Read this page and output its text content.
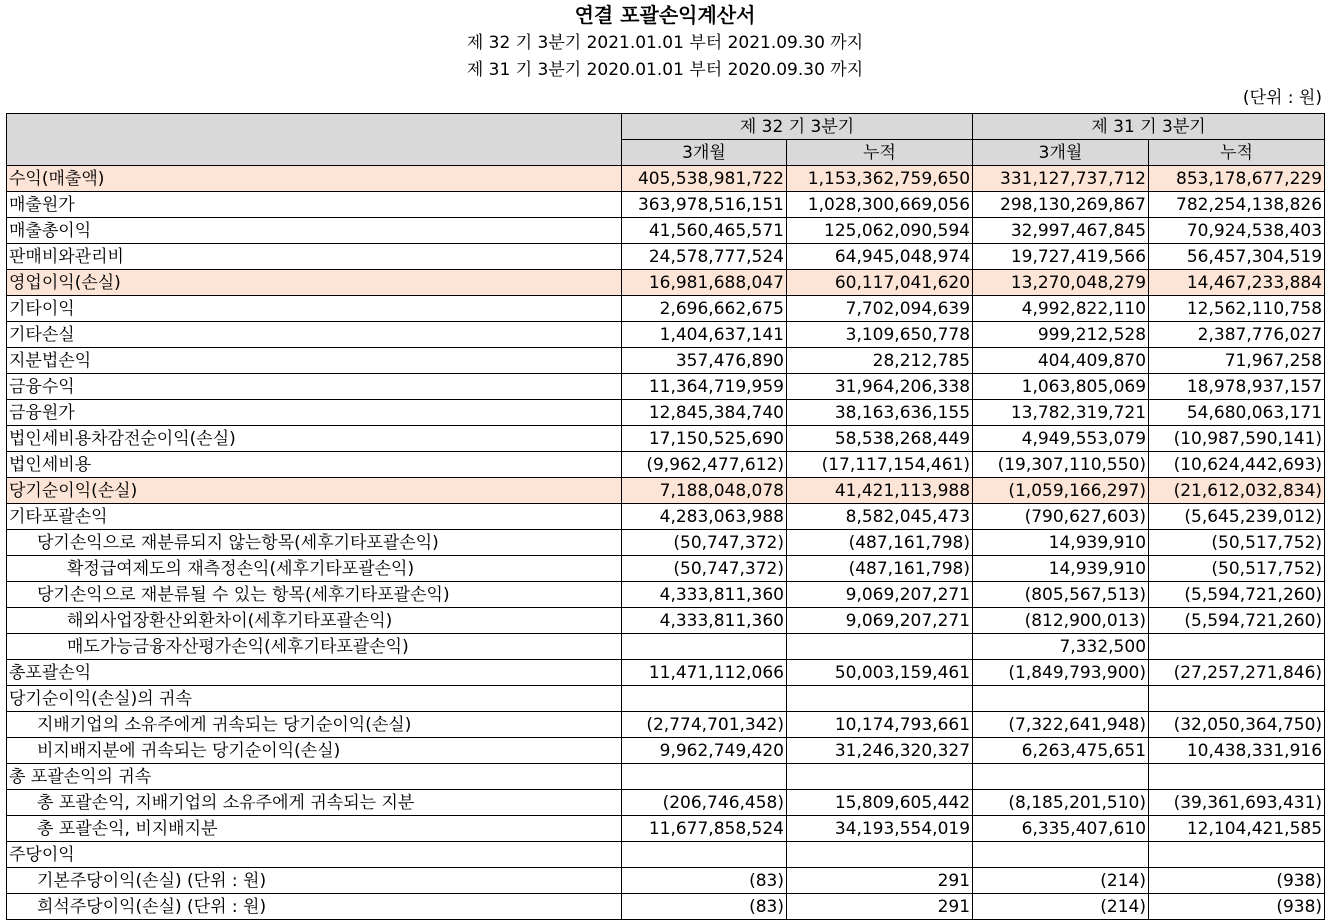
연결 포괄손익계산서
제 32 기 3분기 2021.01.01 부터 2021.09.30 까지
제 31 기 3분기 2020.01.01 부터 2020.09.30 까지
(단위 : 원)
	제 32 기 3분기		제 31 기 3분기	
	3개월	누적	3개월	누적
수익(매출액)	405,538,981,722	1,153,362,759,650	331,127,737,712	853,178,677,229
매출원가	363,978,516,151	1,028,300,669,056	298,130,269,867	782,254,138,826
매출총이익	41,560,465,571	125,062,090,594	32,997,467,845	70,924,538,403
판매비와관리비	24,578,777,524	64,945,048,974	19,727,419,566	56,457,304,519
영업이익(손실)	16,981,688,047	60,117,041,620	13,270,048,279	14,467,233,884
기타이익	2,696,662,675	7,702,094,639	4,992,822,110	12,562,110,758
기타손실	1,404,637,141	3,109,650,778	999,212,528	2,387,776,027
지분법손익	357,476,890	28,212,785	404,409,870	71,967,258
금융수익	11,364,719,959	31,964,206,338	1,063,805,069	18,978,937,157
금융원가	12,845,384,740	38,163,636,155	13,782,319,721	54,680,063,171
법인세비용차감전순이익(손실)	17,150,525,690	58,538,268,449	4,949,553,079	(10,987,590,141)
법인세비용	(9,962,477,612)	(17,117,154,461)	(19,307,110,550)	(10,624,442,693)
당기순이익(손실)	7,188,048,078	41,421,113,988	(1,059,166,297)	(21,612,032,834)
기타포괄손익	4,283,063,988	8,582,045,473	(790,627,603)	(5,645,239,012)
당기손익으로 재분류되지 않는항목(세후기타포괄손익)	(50,747,372)	(487,161,798)	14,939,910	(50,517,752)
확정급여제도의 재측정손익(세후기타포괄손익)	(50,747,372)	(487,161,798)	14,939,910	(50,517,752)
당기손익으로 재분류될 수 있는 항목(세후기타포괄손익)	4,333,811,360	9,069,207,271	(805,567,513)	(5,594,721,260)
해외사업장환산외환차이(세후기타포괄손익)	4,333,811,360	9,069,207,271	(812,900,013)	(5,594,721,260)
매도가능금융자산평가손익(세후기타포괄손익)			7,332,500	
총포괄손익	11,471,112,066	50,003,159,461	(1,849,793,900)	(27,257,271,846)
당기순이익(손실)의 귀속				
지배기업의 소유주에게 귀속되는 당기순이익(손실)	(2,774,701,342)	10,174,793,661	(7,322,641,948)	(32,050,364,750)
비지배지분에 귀속되는 당기순이익(손실)	9,962,749,420	31,246,320,327	6,263,475,651	10,438,331,916
총 포괄손익의 귀속				
총 포괄손익, 지배기업의 소유주에게 귀속되는 지분	(206,746,458)	15,809,605,442	(8,185,201,510)	(39,361,693,431)
총 포괄손익, 비지배지분	11,677,858,524	34,193,554,019	6,335,407,610	12,104,421,585
주당이익				
기본주당이익(손실) (단위 : 원)	(83)	291	(214)	(938)
희석주당이익(손실) (단위 : 원)	(83)	291	(214)	(938)
